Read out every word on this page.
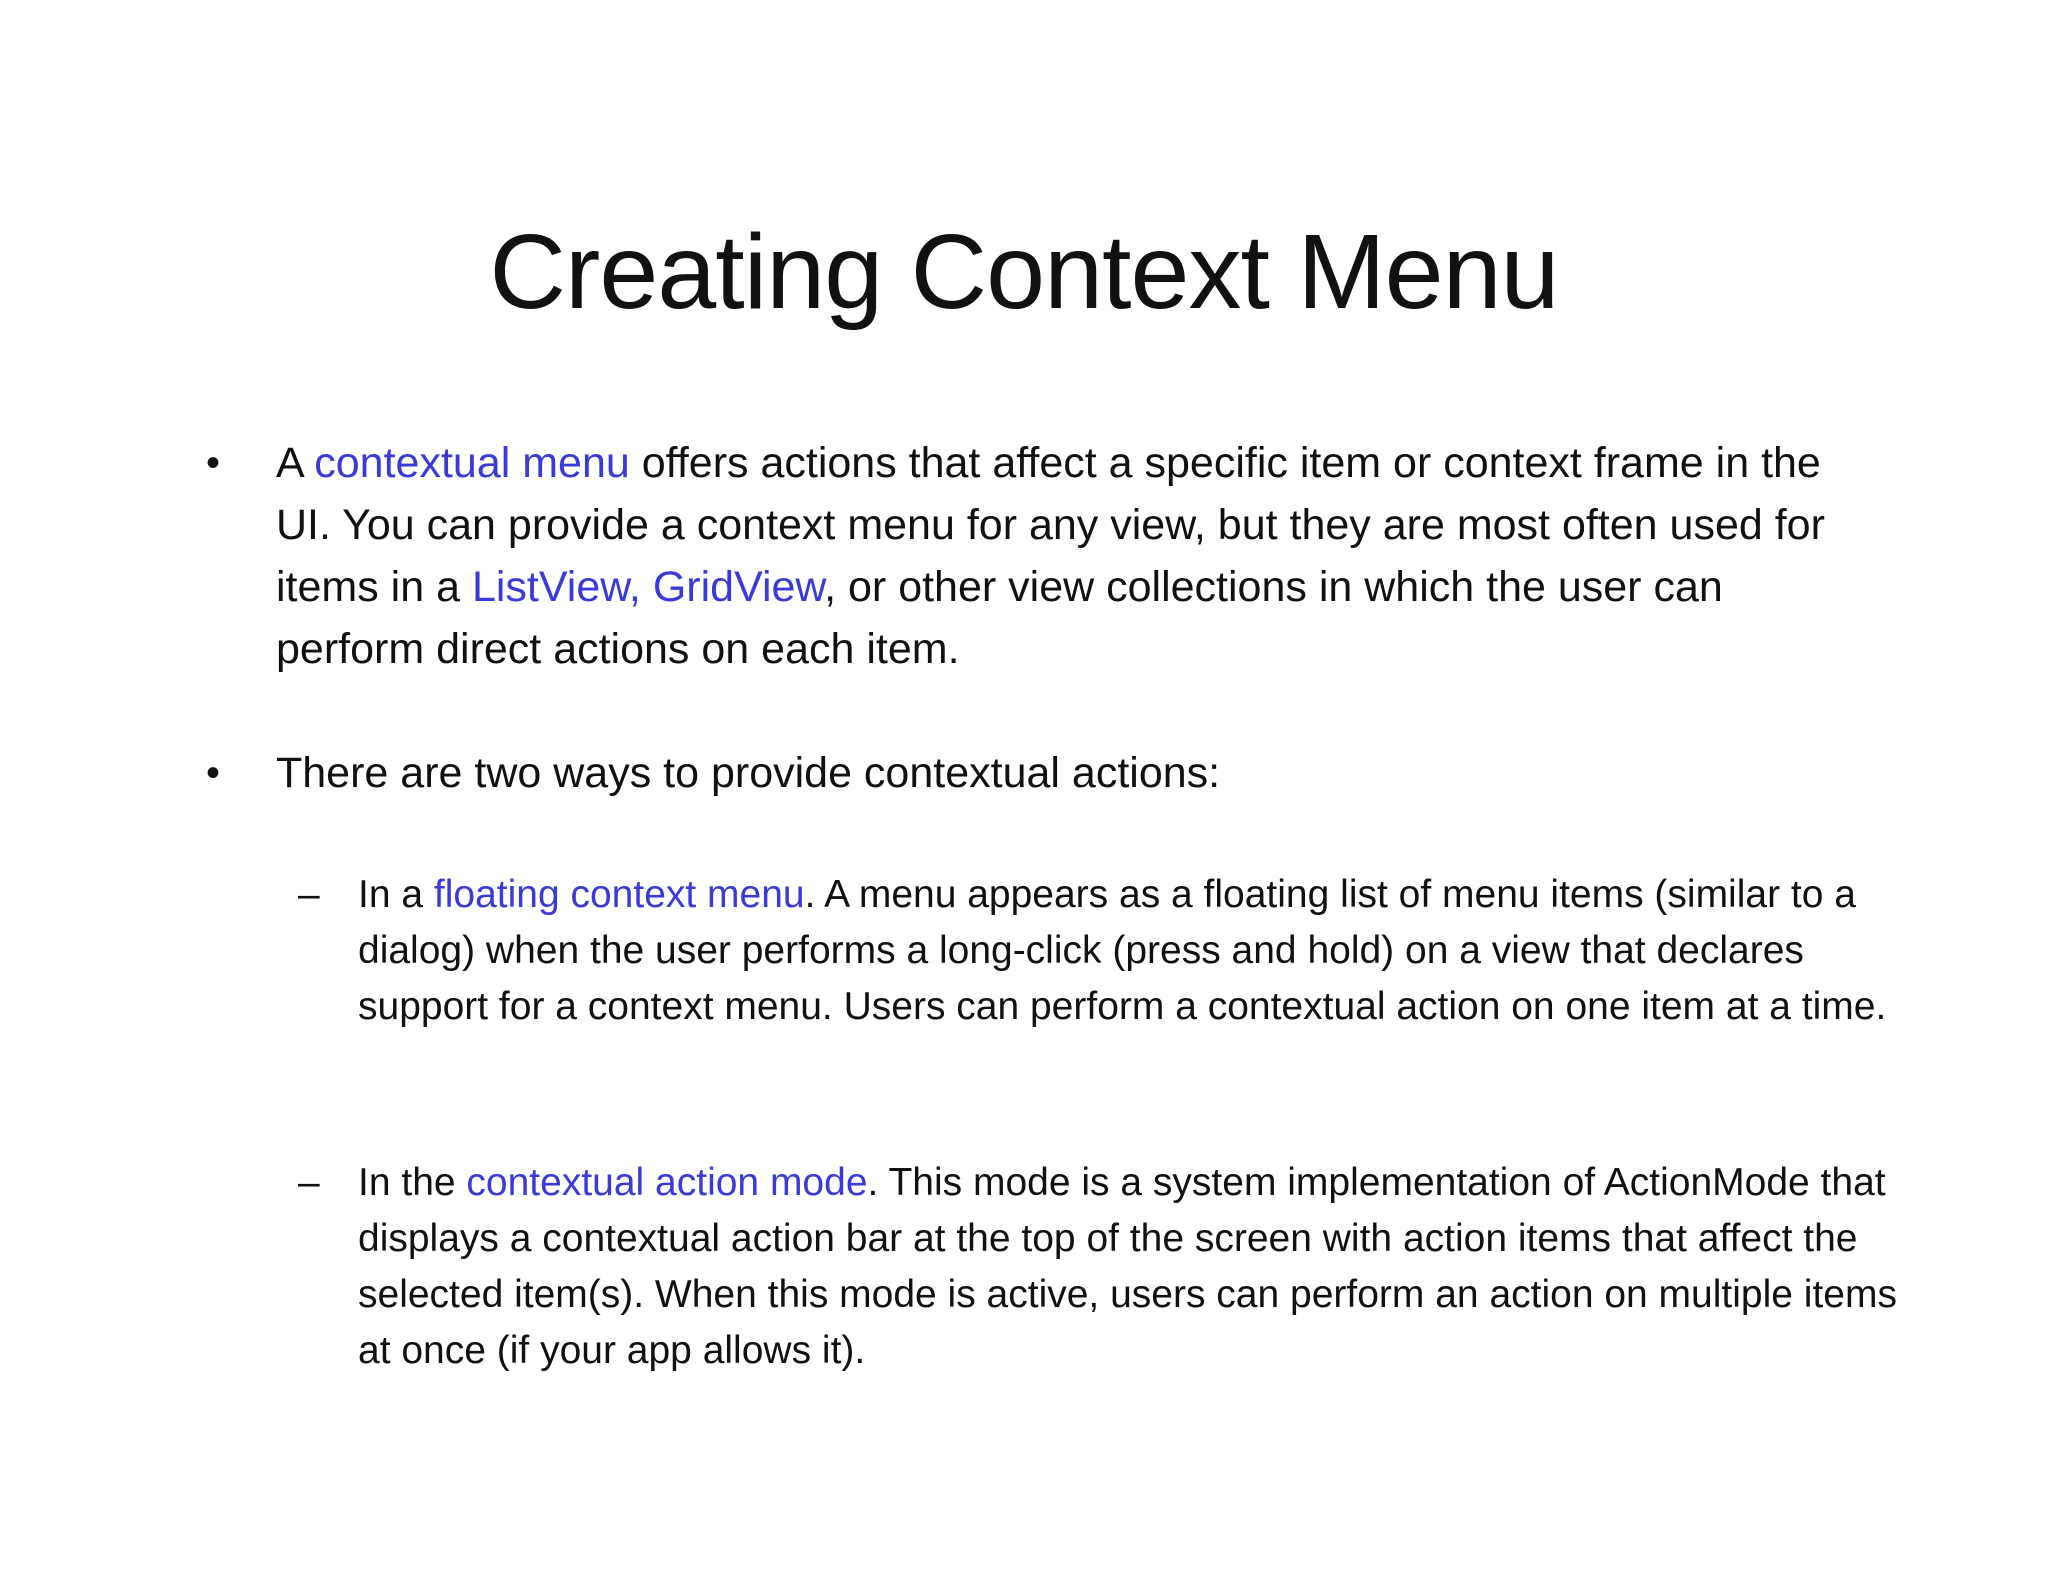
Creating Context Menu
• A contextual menu offers actions that affect a specific item or context frame in the UI. You can provide a context menu for any view, but they are most often used for items in a ListView, GridView, or other view collections in which the user can perform direct actions on each item.
• There are two ways to provide contextual actions:
– In a floating context menu. A menu appears as a floating list of menu items (similar to a dialog) when the user performs a long-click (press and hold) on a view that declares support for a context menu. Users can perform a contextual action on one item at a time.
– In the contextual action mode. This mode is a system implementation of ActionMode that displays a contextual action bar at the top of the screen with action items that affect the selected item(s). When this mode is active, users can perform an action on multiple items at once (if your app allows it).
